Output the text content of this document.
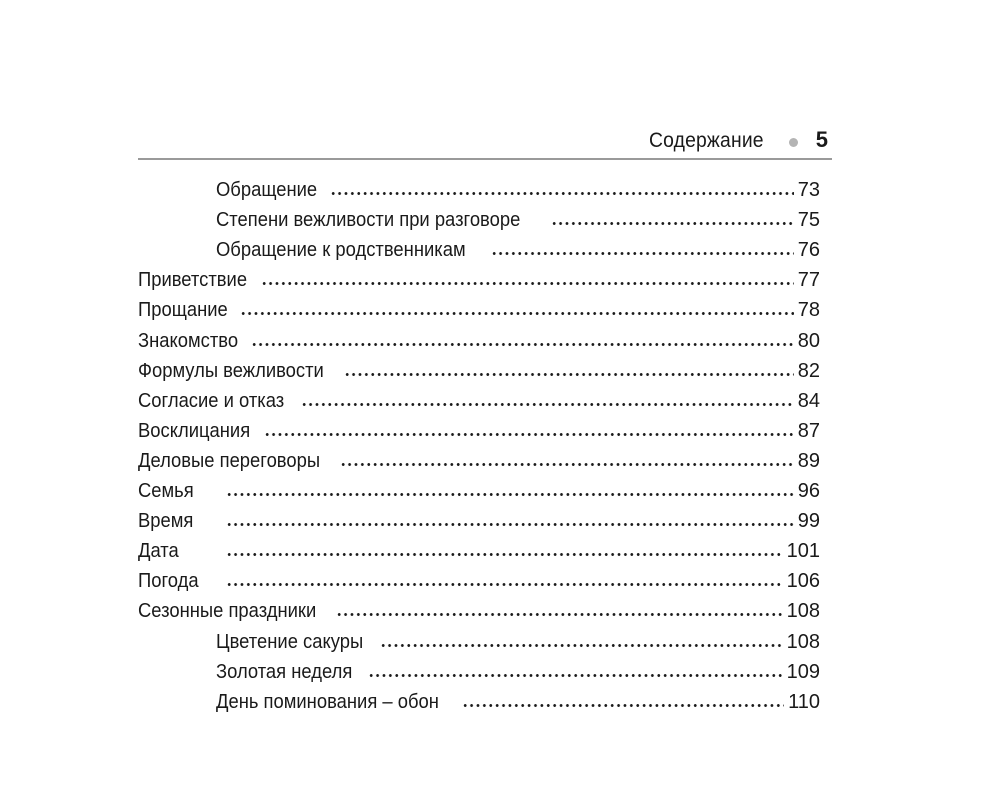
Содержание 5
Обращение	73
Степени вежливости при разговоре	75
Обращение к родственникам	76
Приветствие	77
Прощание	78
Знакомство	80
Формулы вежливости	82
Согласие и отказ	84
Восклицания	87
Деловые переговоры	89
Семья	96
Время	99
Дата	101
Погода	106
Сезонные праздники	108
Цветение сакуры	108
Золотая неделя	109
День поминования – обон	110
